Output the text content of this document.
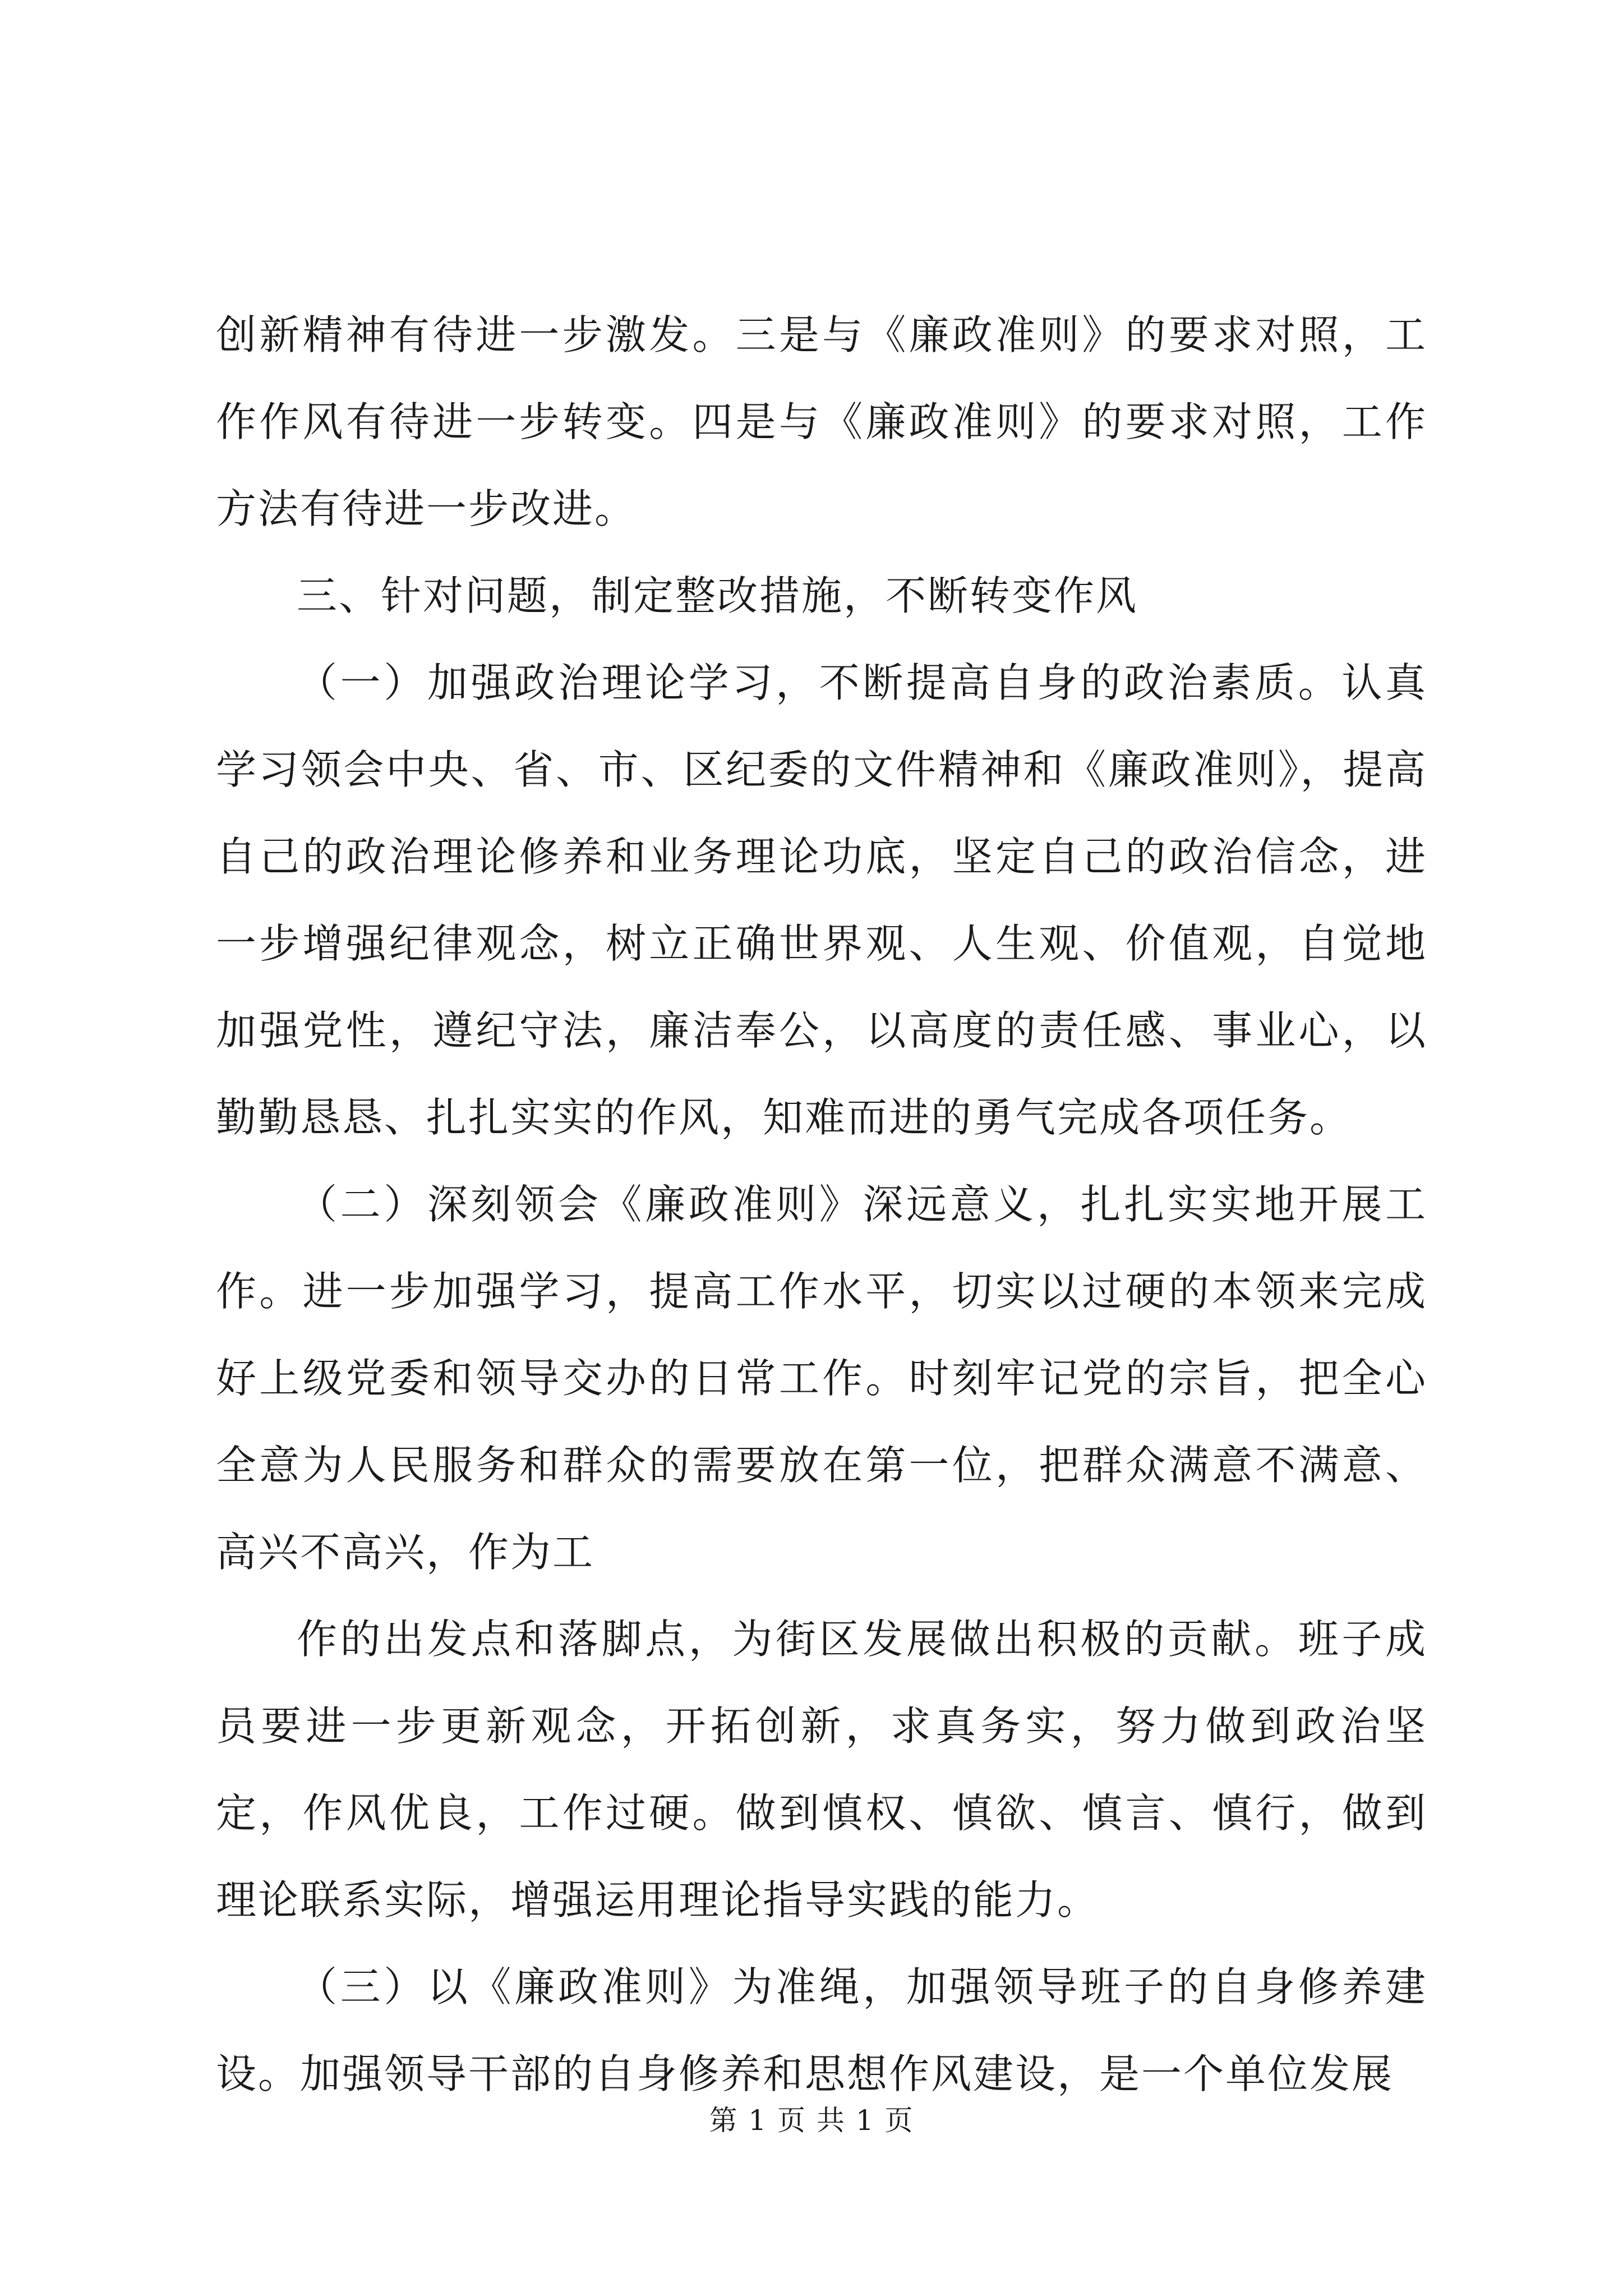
创新精神有待进一步激发。三是与《廉政准则》的要求对照，工作作风有待进一步转变。四是与《廉政准则》的要求对照，工作方法有待进一步改进。

三、针对问题，制定整改措施，不断转变作风

（一）加强政治理论学习，不断提高自身的政治素质。认真学习领会中央、省、市、区纪委的文件精神和《廉政准则》，提高自己的政治理论修养和业务理论功底，坚定自己的政治信念，进一步增强纪律观念，树立正确世界观、人生观、价值观，自觉地加强党性，遵纪守法，廉洁奉公，以高度的责任感、事业心，以勤勤恳恳、扎扎实实的作风，知难而进的勇气完成各项任务。

（二）深刻领会《廉政准则》深远意义，扎扎实实地开展工作。进一步加强学习，提高工作水平，切实以过硬的本领来完成好上级党委和领导交办的日常工作。时刻牢记党的宗旨，把全心全意为人民服务和群众的需要放在第一位，把群众满意不满意、高兴不高兴，作为工

作的出发点和落脚点，为街区发展做出积极的贡献。班子成员要进一步更新观念，开拓创新，求真务实，努力做到政治坚定，作风优良，工作过硬。做到慎权、慎欲、慎言、慎行，做到理论联系实际，增强运用理论指导实践的能力。

（三）以《廉政准则》为准绳，加强领导班子的自身修养建设。加强领导干部的自身修养和思想作风建设，是一个单位发展

第 1 页 共 1 页
